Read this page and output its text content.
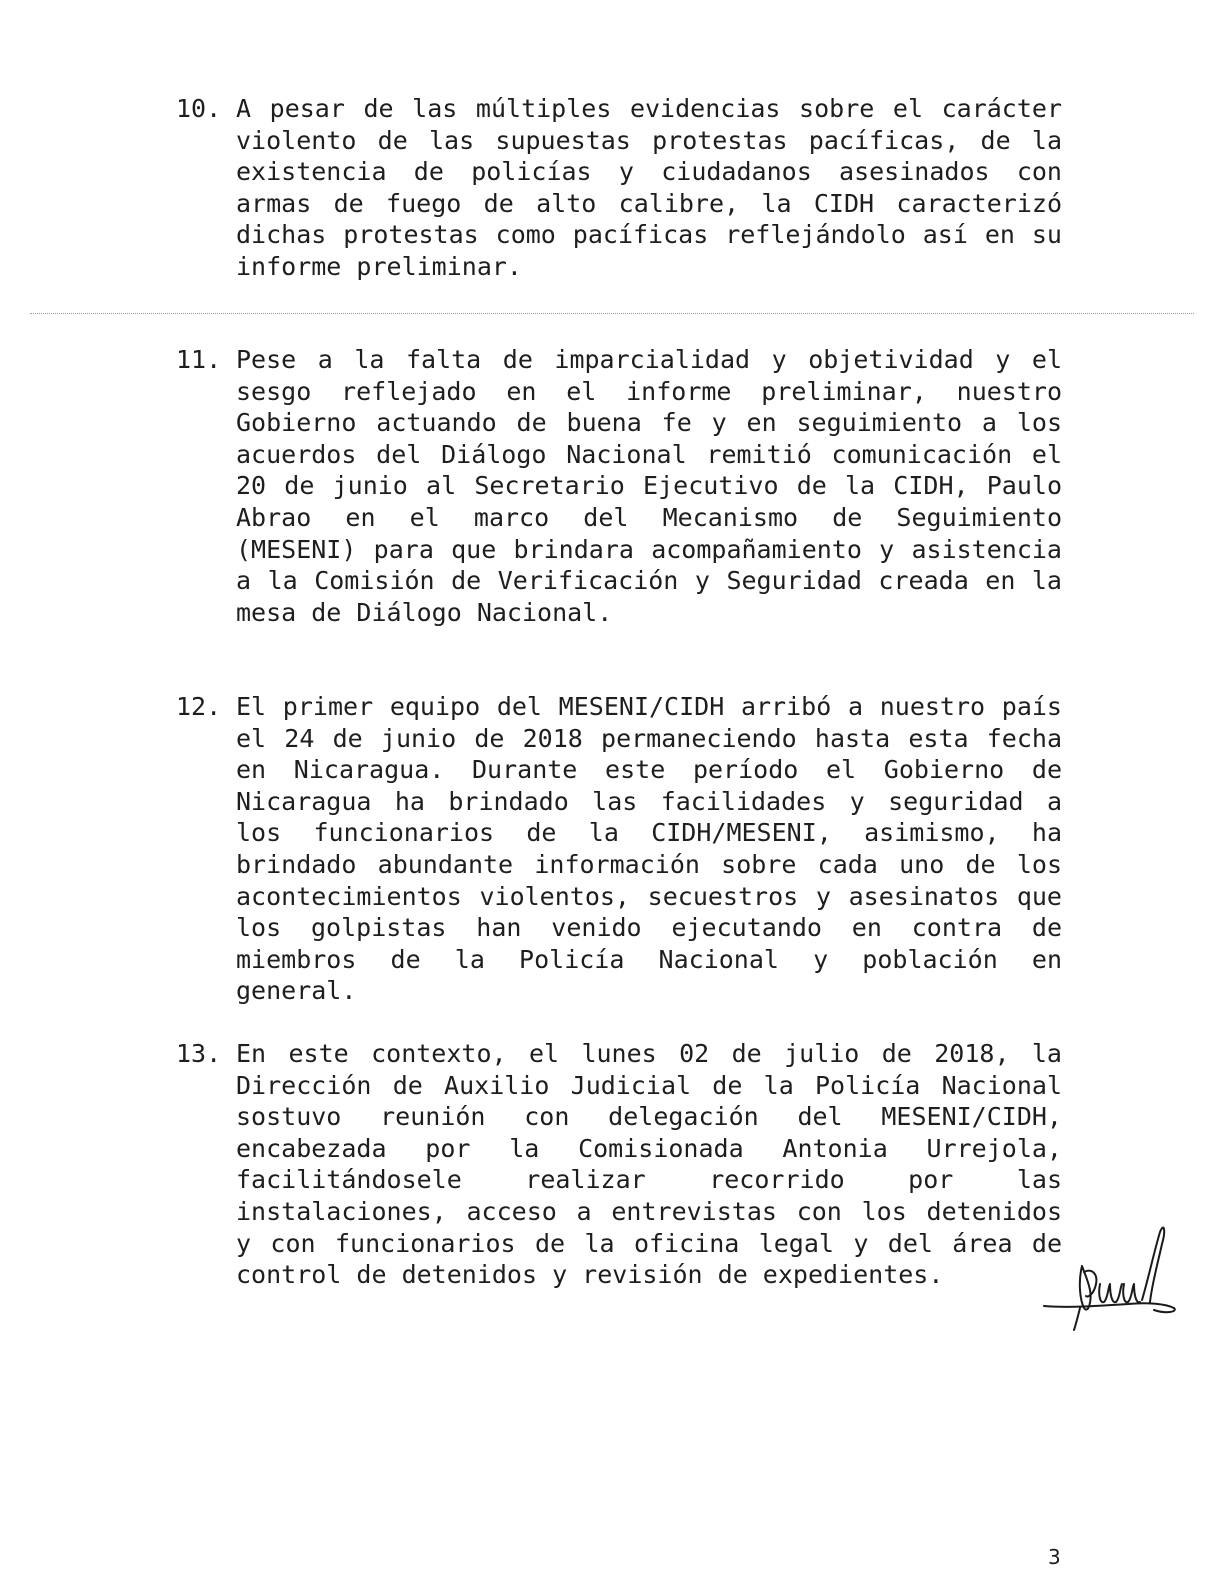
10. A pesar de las múltiples evidencias sobre el carácter violento de las supuestas protestas pacíficas, de la existencia de policías y ciudadanos asesinados con armas de fuego de alto calibre, la CIDH caracterizó dichas protestas como pacíficas reflejándolo así en su informe preliminar.
11. Pese a la falta de imparcialidad y objetividad y el sesgo reflejado en el informe preliminar, nuestro Gobierno actuando de buena fe y en seguimiento a los acuerdos del Diálogo Nacional remitió comunicación el 20 de junio al Secretario Ejecutivo de la CIDH, Paulo Abrao en el marco del Mecanismo de Seguimiento (MESENI) para que brindara acompañamiento y asistencia a la Comisión de Verificación y Seguridad creada en la mesa de Diálogo Nacional.
12. El primer equipo del MESENI/CIDH arribó a nuestro país el 24 de junio de 2018 permaneciendo hasta esta fecha en Nicaragua. Durante este período el Gobierno de Nicaragua ha brindado las facilidades y seguridad a los funcionarios de la CIDH/MESENI, asimismo, ha brindado abundante información sobre cada uno de los acontecimientos violentos, secuestros y asesinatos que los golpistas han venido ejecutando en contra de miembros de la Policía Nacional y población en general.
13. En este contexto, el lunes 02 de julio de 2018, la Dirección de Auxilio Judicial de la Policía Nacional sostuvo reunión con delegación del MESENI/CIDH, encabezada por la Comisionada Antonia Urrejola, facilitándosele realizar recorrido por las instalaciones, acceso a entrevistas con los detenidos y con funcionarios de la oficina legal y del área de control de detenidos y revisión de expedientes.
3
